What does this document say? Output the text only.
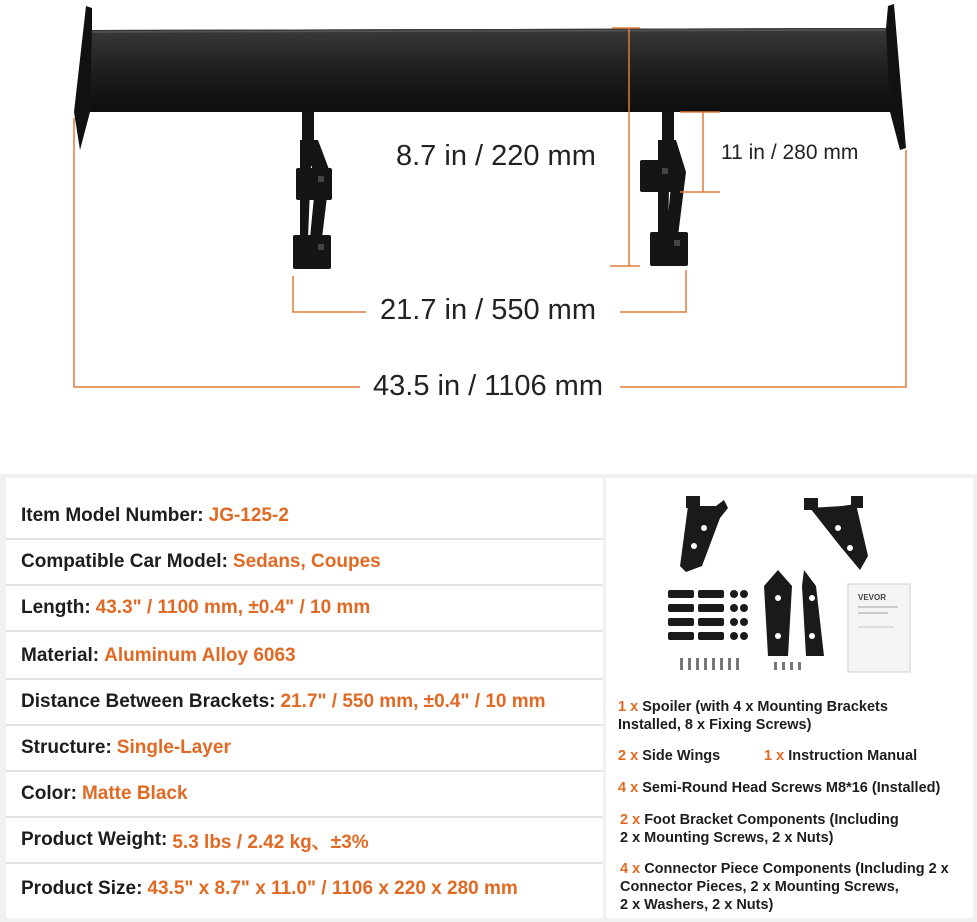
8.7 in / 220 mm	11 in / 280 mm
21.7 in / 550 mm
43.5 in / 1106 mm
Item Model Number: JG-125-2
Compatible Car Model: Sedans, Coupes
Length: 43.3" / 1100 mm, ±0.4" / 10 mm
Material: Aluminum Alloy 6063
Distance Between Brackets: 21.7" / 550 mm, ±0.4" / 10 mm
Structure: Single-Layer
Color: Matte Black
Product Weight: 5.3 lbs / 2.42 kg、±3%
Product Size: 43.5" x 8.7" x 11.0" / 1106 x 220 x 280 mm
VEVOR
1 x Spoiler (with 4 x Mounting Brackets
Installed, 8 x Fixing Screws)
2 x Side Wings	1 x Instruction Manual
4 x Semi-Round Head Screws M8*16 (Installed)
2 x Foot Bracket Components (Including
2 x Mounting Screws, 2 x Nuts)
4 x Connector Piece Components (Including 2 x
Connector Pieces, 2 x Mounting Screws,
2 x Washers, 2 x Nuts)
